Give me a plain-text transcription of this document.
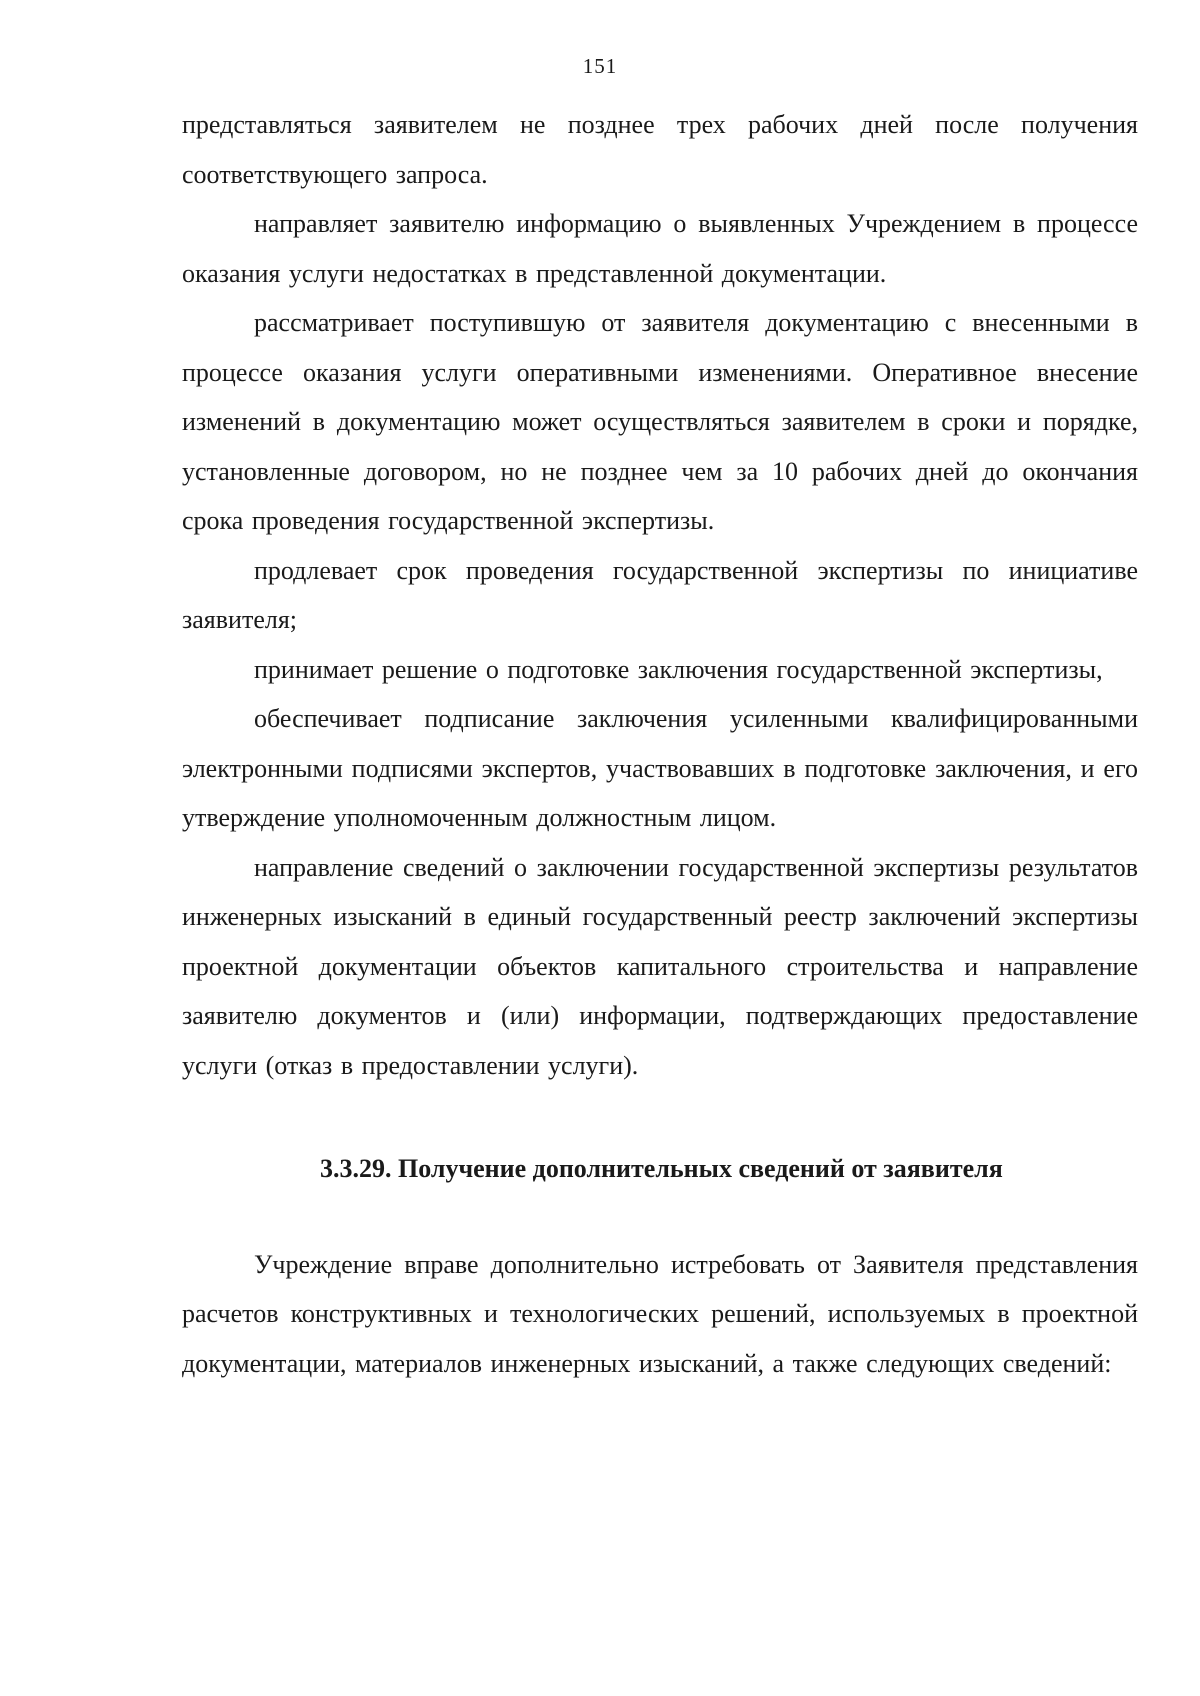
151

представляться заявителем не позднее трех рабочих дней после получения соответствующего запроса.

направляет заявителю информацию о выявленных Учреждением в процессе оказания услуги недостатках в представленной документации.

рассматривает поступившую от заявителя документацию с внесенными в процессе оказания услуги оперативными изменениями. Оперативное внесение изменений в документацию может осуществляться заявителем в сроки и порядке, установленные договором, но не позднее чем за 10 рабочих дней до окончания срока проведения государственной экспертизы.

продлевает срок проведения государственной экспертизы по инициативе заявителя;

принимает решение о подготовке заключения государственной экспертизы,

обеспечивает подписание заключения усиленными квалифицированными электронными подписями экспертов, участвовавших в подготовке заключения, и его утверждение уполномоченным должностным лицом.

направление сведений о заключении государственной экспертизы результатов инженерных изысканий в единый государственный реестр заключений экспертизы проектной документации объектов капитального строительства и направление заявителю документов и (или) информации, подтверждающих предоставление услуги (отказ в предоставлении услуги).

3.3.29. Получение дополнительных сведений от заявителя

Учреждение вправе дополнительно истребовать от Заявителя представления расчетов конструктивных и технологических решений, используемых в проектной документации, материалов инженерных изысканий, а также следующих сведений:
